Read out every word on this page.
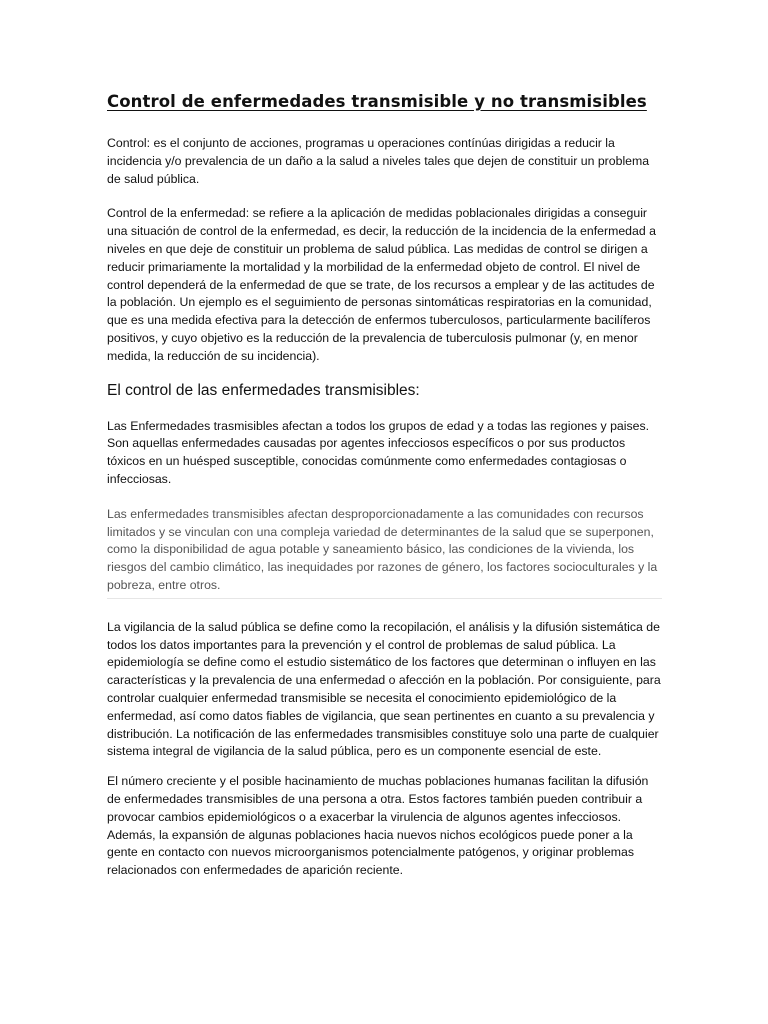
Control de enfermedades transmisible y no transmisibles

Control: es el conjunto de acciones, programas u operaciones contínúas dirigidas a reducir la incidencia y/o prevalencia de un daño a la salud a niveles tales que dejen de constituir un problema de salud pública.

Control de la enfermedad: se refiere a la aplicación de medidas poblacionales dirigidas a conseguir una situación de control de la enfermedad, es decir, la reducción de la incidencia de la enfermedad a niveles en que deje de constituir un problema de salud pública. Las medidas de control se dirigen a reducir primariamente la mortalidad y la morbilidad de la enfermedad objeto de control. El nivel de control dependerá de la enfermedad de que se trate, de los recursos a emplear y de las actitudes de la población. Un ejemplo es el seguimiento de personas sintomáticas respiratorias en la comunidad, que es una medida efectiva para la detección de enfermos tuberculosos, particularmente bacilíferos positivos, y cuyo objetivo es la reducción de la prevalencia de tuberculosis pulmonar (y, en menor medida, la reducción de su incidencia).

El control de las enfermedades transmisibles:

Las Enfermedades trasmisibles afectan a todos los grupos de edad y a todas las regiones y paises. Son aquellas enfermedades causadas por agentes infecciosos específicos o por sus productos tóxicos en un huésped susceptible, conocidas comúnmente como enfermedades contagiosas o infecciosas.

Las enfermedades transmisibles afectan desproporcionadamente a las comunidades con recursos limitados y se vinculan con una compleja variedad de determinantes de la salud que se superponen, como la disponibilidad de agua potable y saneamiento básico, las condiciones de la vivienda, los riesgos del cambio climático, las inequidades por razones de género, los factores socioculturales y la pobreza, entre otros.

La vigilancia de la salud pública se define como la recopilación, el análisis y la difusión sistemática de todos los datos importantes para la prevención y el control de problemas de salud pública. La epidemiología se define como el estudio sistemático de los factores que determinan o influyen en las características y la prevalencia de una enfermedad o afección en la población. Por consiguiente, para controlar cualquier enfermedad transmisible se necesita el conocimiento epidemiológico de la enfermedad, así como datos fiables de vigilancia, que sean pertinentes en cuanto a su prevalencia y distribución. La notificación de las enfermedades transmisibles constituye solo una parte de cualquier sistema integral de vigilancia de la salud pública, pero es un componente esencial de este.

El número creciente y el posible hacinamiento de muchas poblaciones humanas facilitan la difusión de enfermedades transmisibles de una persona a otra. Estos factores también pueden contribuir a provocar cambios epidemiológicos o a exacerbar la virulencia de algunos agentes infecciosos. Además, la expansión de algunas poblaciones hacia nuevos nichos ecológicos puede poner a la gente en contacto con nuevos microorganismos potencialmente patógenos, y originar problemas relacionados con enfermedades de aparición reciente.
